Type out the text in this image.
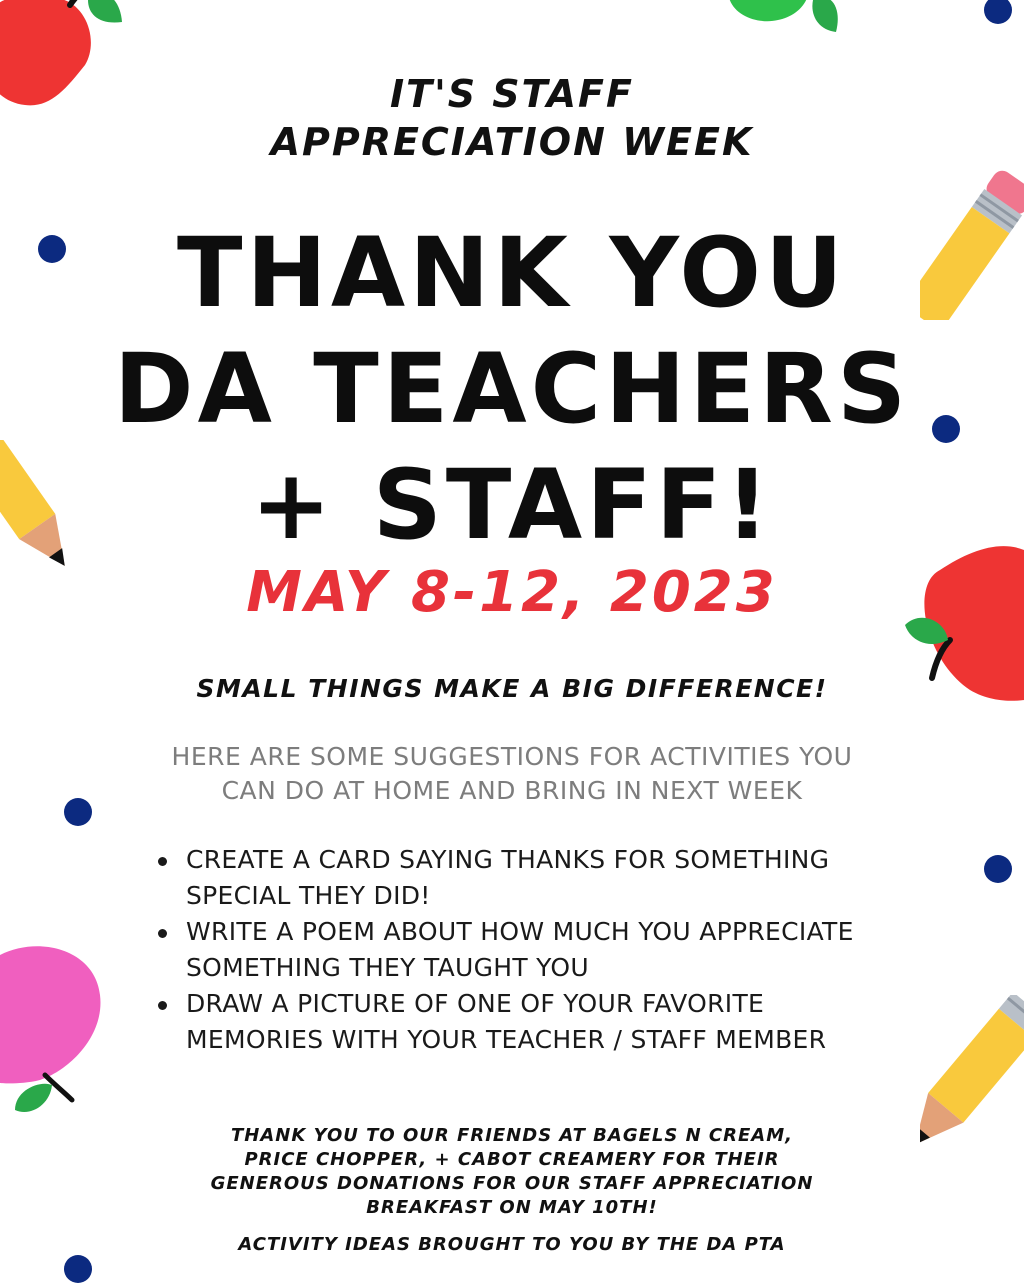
IT'S STAFF
APPRECIATION WEEK
THANK YOU
DA TEACHERS
+ STAFF!
MAY 8-12, 2023
SMALL THINGS MAKE A BIG DIFFERENCE!
HERE ARE SOME SUGGESTIONS FOR ACTIVITIES YOU
CAN DO AT HOME AND BRING IN NEXT WEEK
CREATE A CARD SAYING THANKS FOR SOMETHING
SPECIAL THEY DID!
WRITE A POEM ABOUT HOW MUCH YOU APPRECIATE
SOMETHING THEY TAUGHT YOU
DRAW A PICTURE OF ONE OF YOUR FAVORITE
MEMORIES WITH YOUR TEACHER / STAFF MEMBER
THANK YOU TO OUR FRIENDS AT BAGELS N CREAM,
PRICE CHOPPER, + CABOT CREAMERY FOR THEIR
GENEROUS DONATIONS FOR OUR STAFF APPRECIATION
BREAKFAST ON MAY 10TH!
ACTIVITY IDEAS BROUGHT TO YOU BY THE DA PTA
